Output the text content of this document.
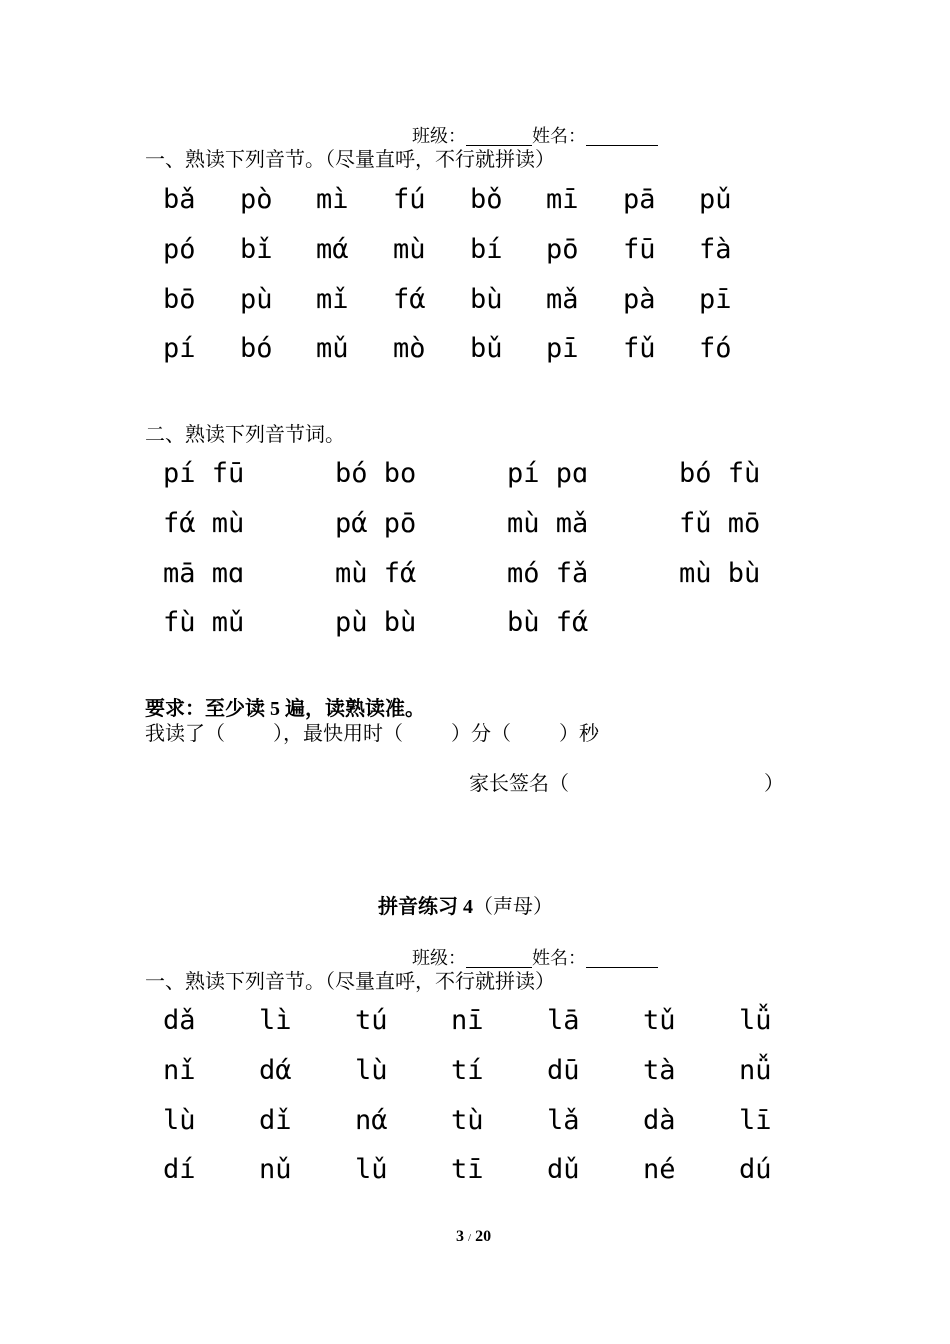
班级：	姓名：
一、熟读下列音节。（尽量直呼，不行就拼读）
bǎ pò mì fú bǒ mī pā pǔ
pó bǐ mά mù bí pō fū fà
bō pù mǐ fά bù mǎ pà pī
pí bó mǔ mò bǔ pī fǔ fó
二、熟读下列音节词。
pí fū	bó bo	pí pɑ	bó fù
fά mù	pά pō	mù mǎ	fǔ mō
mā mɑ	mù fά	mó fǎ	mù bù
fù mǔ	pù bù	bù fά
要求：至少读 5 遍，读熟读准。
我读了（ ），最快用时（ ）分（ ）秒
家长签名（	）
拼音练习 4（声母）
班级：	姓名：
一、熟读下列音节。（尽量直呼，不行就拼读）
dǎ lì tú nī lā tǔ lǚ
nǐ dά lù tí dū tà nǚ
lù dǐ nά tù lǎ dà lī
dí nǔ lǔ tī dǔ né dú
3 / 20
